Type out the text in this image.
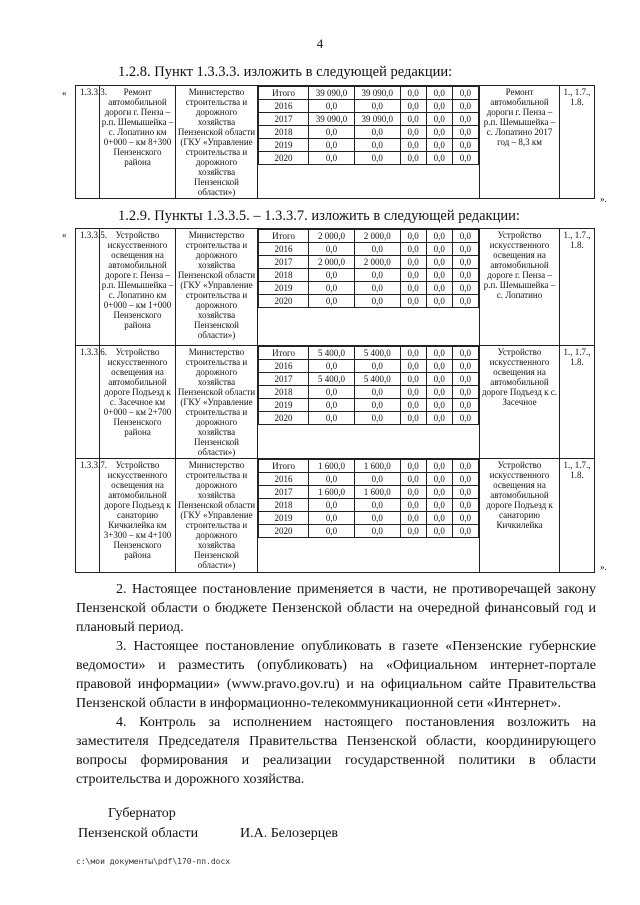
4
1.2.8. Пункт 1.3.3.3. изложить в следующей редакции:
«
».
1.3.3.3.	Ремонт автомобильной дороги г. Пенза – р.п. Шемышейка – с. Лопатино км 0+000 – км 8+300 Пензенского района	Министерство строительства и дорожного хозяйства Пензенской области (ГКУ «Управление строительства и дорожного хозяйства Пензенской области»)	
Итого	39 090,0	39 090,0	0,0	0,0	0,0
2016	0,0	0,0	0,0	0,0	0,0
2017	39 090,0	39 090,0	0,0	0,0	0,0
2018	0,0	0,0	0,0	0,0	0,0
2019	0,0	0,0	0,0	0,0	0,0
2020	0,0	0,0	0,0	0,0	0,0
	Ремонт автомобильной дороги г. Пенза – р.п. Шемышейка – с. Лопатино 2017 год – 8,3 км	1., 1.7., 1.8.
1.2.9. Пункты 1.3.3.5. – 1.3.3.7. изложить в следующей редакции:
«
».
1.3.3.5.	Устройство искусственного освещения на автомобильной дороге г. Пенза – р.п. Шемышейка – с. Лопатино км 0+000 – км 1+000 Пензенского района	Министерство строительства и дорожного хозяйства Пензенской области (ГКУ «Управление строительства и дорожного хозяйства Пензенской области»)	
Итого	2 000,0	2 000,0	0,0	0,0	0,0
2016	0,0	0,0	0,0	0,0	0,0
2017	2 000,0	2 000,0	0,0	0,0	0,0
2018	0,0	0,0	0,0	0,0	0,0
2019	0,0	0,0	0,0	0,0	0,0
2020	0,0	0,0	0,0	0,0	0,0
	Устройство искусственного освещения на автомобильной дороге г. Пенза – р.п. Шемышейка – с. Лопатино	1., 1.7., 1.8.
1.3.3.6.	Устройство искусственного освещения на автомобильной дороге Подъезд к с. Засечное км 0+000 – км 2+700 Пензенского района	Министерство строительства и дорожного хозяйства Пензенской области (ГКУ «Управление строительства и дорожного хозяйства Пензенской области»)	
Итого	5 400,0	5 400,0	0,0	0,0	0,0
2016	0,0	0,0	0,0	0,0	0,0
2017	5 400,0	5 400,0	0,0	0,0	0,0
2018	0,0	0,0	0,0	0,0	0,0
2019	0,0	0,0	0,0	0,0	0,0
2020	0,0	0,0	0,0	0,0	0,0
	Устройство искусственного освещения на автомобильной дороге Подъезд к с. Засечное	1., 1.7., 1.8.
1.3.3.7.	Устройство искусственного освещения на автомобильной дороге Подъезд к санаторию Кичкилейка км 3+300 – км 4+100 Пензенского района	Министерство строительства и дорожного хозяйства Пензенской области (ГКУ «Управление строительства и дорожного хозяйства Пензенской области»)	
Итого	1 600,0	1 600,0	0,0	0,0	0,0
2016	0,0	0,0	0,0	0,0	0,0
2017	1 600,0	1 600,0	0,0	0,0	0,0
2018	0,0	0,0	0,0	0,0	0,0
2019	0,0	0,0	0,0	0,0	0,0
2020	0,0	0,0	0,0	0,0	0,0
	Устройство искусственного освещения на автомобильной дороге Подъезд к санаторию Кичкилейка	1., 1.7., 1.8.
2. Настоящее постановление применяется в части, не противоречащей закону Пензенской области о бюджете Пензенской области на очередной финансовый год и плановый период.
3. Настоящее постановление опубликовать в газете «Пензенские губернские ведомости» и разместить (опубликовать) на «Официальном интернет-портале правовой информации» (www.pravo.gov.ru) и на официальном сайте Правительства Пензенской области в информационно-телекоммуникационной сети «Интернет».
4. Контроль за исполнением настоящего постановления возложить на заместителя Председателя Правительства Пензенской области, координирующего вопросы формирования и реализации государственной политики в области строительства и дорожного хозяйства.
Губернатор
Пензенской области	И.А. Белозерцев
c:\мои документы\pdf\170-пп.docx
